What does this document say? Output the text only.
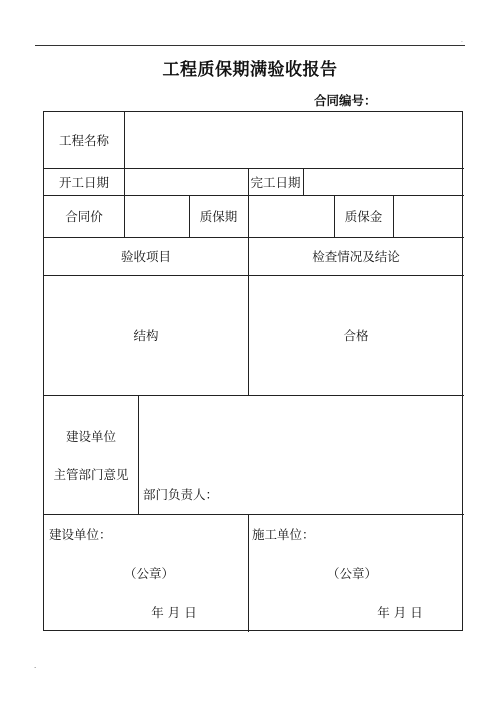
.
工程质保期满验收报告
合同编号：
工程名称
开工日期	完工日期
合同价	质保期	质保金
验收项目	检查情况及结论
结构	合格
建设单位
主管部门意见
部门负责人：
建设单位：
（公章）
年 月 日
施工单位：
（公章）
年 月 日
.
